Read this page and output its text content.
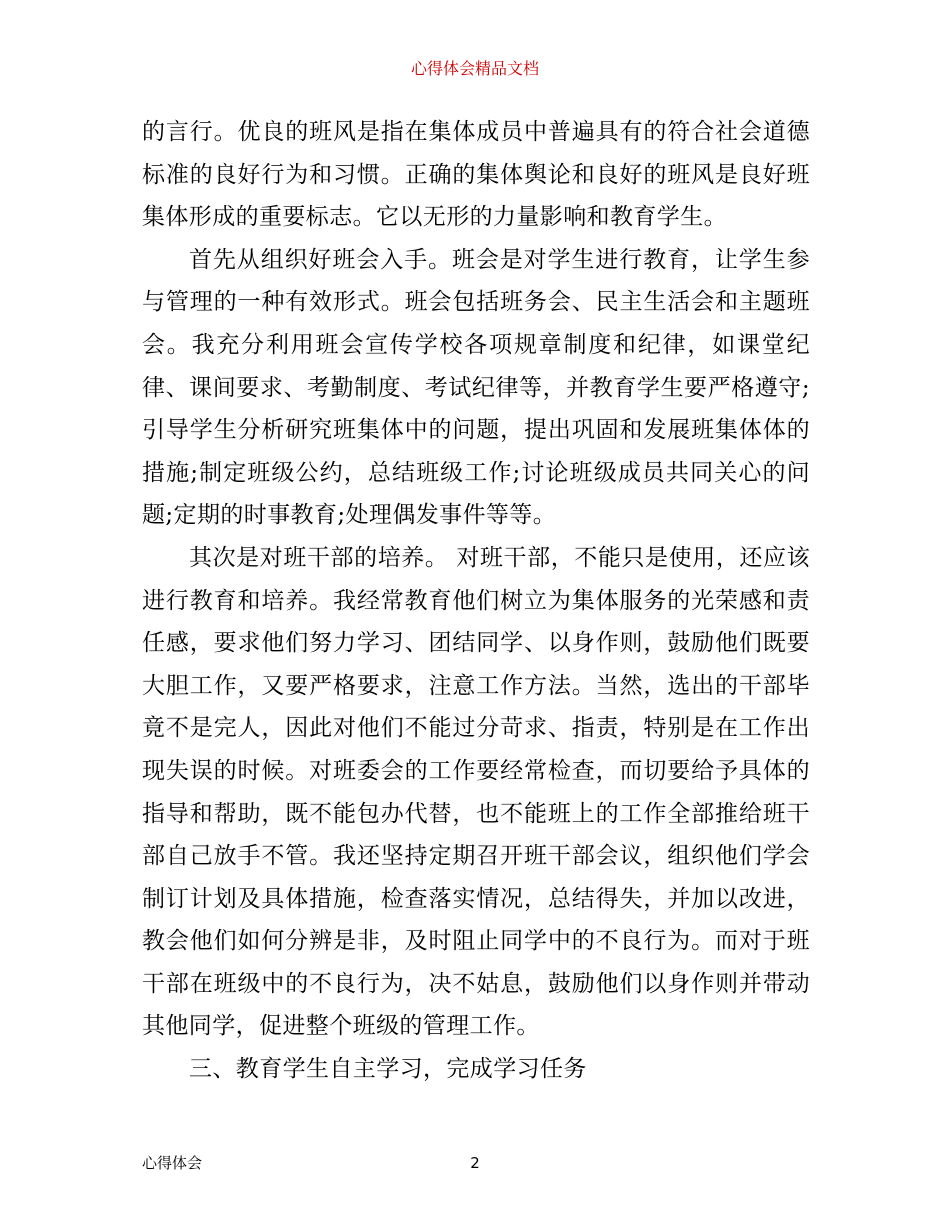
心得体会精品文档

的言行。优良的班风是指在集体成员中普遍具有的符合社会道德标准的良好行为和习惯。正确的集体舆论和良好的班风是良好班集体形成的重要标志。它以无形的力量影响和教育学生。

首先从组织好班会入手。班会是对学生进行教育，让学生参与管理的一种有效形式。班会包括班务会、民主生活会和主题班会。我充分利用班会宣传学校各项规章制度和纪律，如课堂纪律、课间要求、考勤制度、考试纪律等，并教育学生要严格遵守;引导学生分析研究班集体中的问题，提出巩固和发展班集体体的措施;制定班级公约，总结班级工作;讨论班级成员共同关心的问题;定期的时事教育;处理偶发事件等等。

其次是对班干部的培养。 对班干部，不能只是使用，还应该进行教育和培养。我经常教育他们树立为集体服务的光荣感和责任感，要求他们努力学习、团结同学、以身作则，鼓励他们既要大胆工作，又要严格要求，注意工作方法。当然，选出的干部毕竟不是完人，因此对他们不能过分苛求、指责，特别是在工作出现失误的时候。对班委会的工作要经常检查，而切要给予具体的指导和帮助，既不能包办代替，也不能班上的工作全部推给班干部自己放手不管。我还坚持定期召开班干部会议，组织他们学会制订计划及具体措施，检查落实情况，总结得失，并加以改进，教会他们如何分辨是非，及时阻止同学中的不良行为。而对于班干部在班级中的不良行为，决不姑息，鼓励他们以身作则并带动其他同学，促进整个班级的管理工作。

三、教育学生自主学习，完成学习任务

心得体会	2
